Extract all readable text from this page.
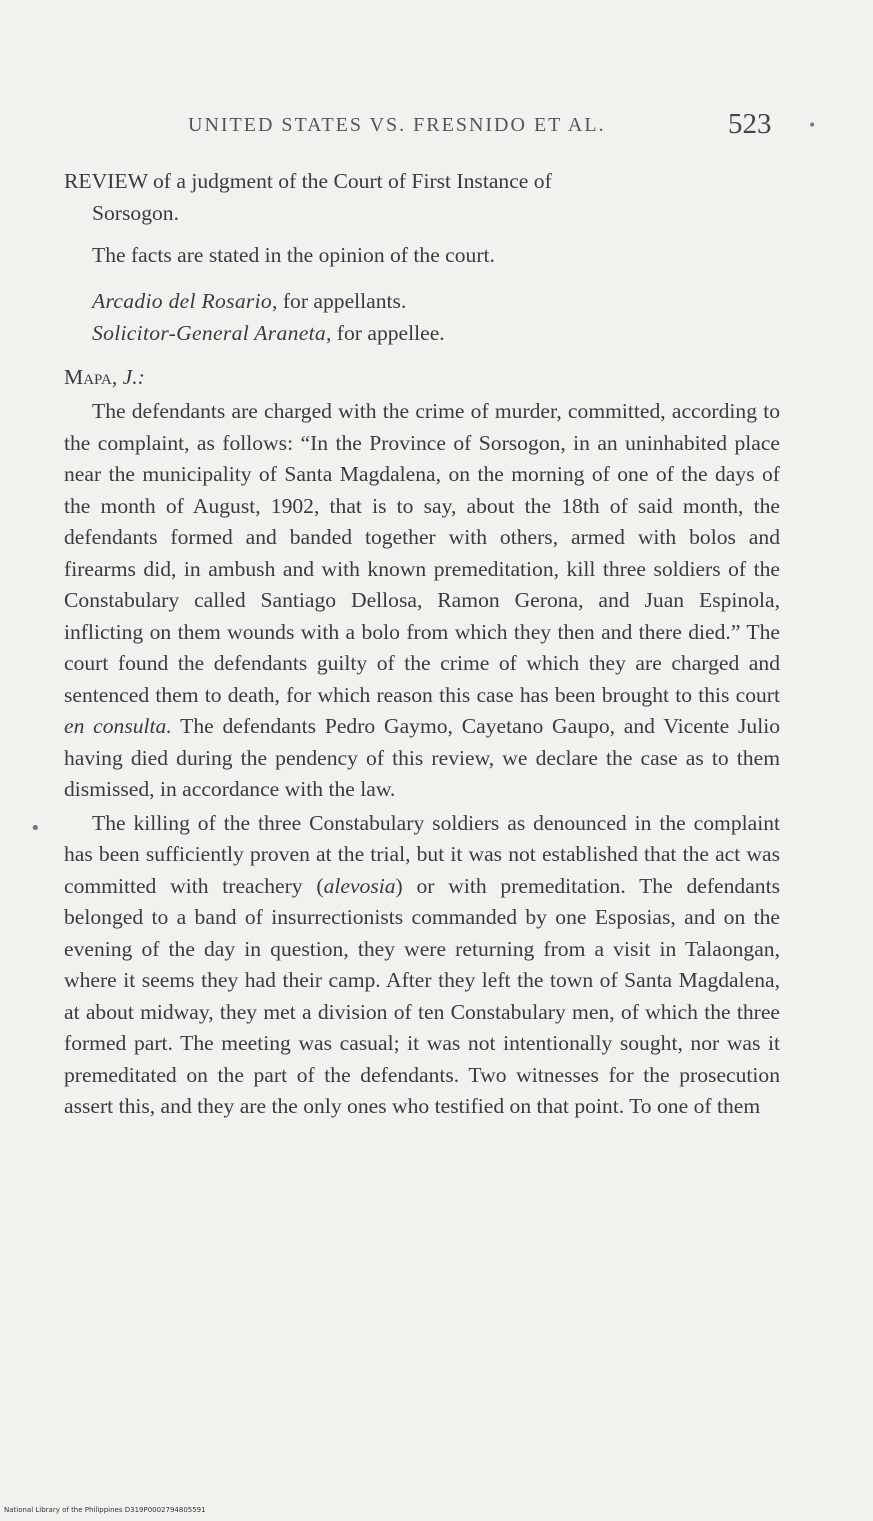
UNITED STATES VS. FRESNIDO ET AL.	523	•
•

REVIEW of a judgment of the Court of First Instance of

Sorsogon.

The facts are stated in the opinion of the court.

Arcadio del Rosario, for appellants.

Solicitor-General Araneta, for appellee.

Mapa, J.:

The defendants are charged with the crime of murder, committed, according to the complaint, as follows: “In the Province of Sorsogon, in an uninhabited place near the municipality of Santa Magdalena, on the morning of one of the days of the month of August, 1902, that is to say, about the 18th of said month, the defendants formed and banded together with others, armed with bolos and firearms did, in ambush and with known premeditation, kill three soldiers of the Constabulary called Santiago Dellosa, Ramon Gerona, and Juan Espinola, inflicting on them wounds with a bolo from which they then and there died.” The court found the defendants guilty of the crime of which they are charged and sentenced them to death, for which reason this case has been brought to this court en consulta. The defendants Pedro Gaymo, Cayetano Gaupo, and Vicente Julio having died during the pendency of this review, we declare the case as to them dismissed, in accordance with the law.

The killing of the three Constabulary soldiers as denounced in the complaint has been sufficiently proven at the trial, but it was not established that the act was committed with treachery (alevosia) or with premeditation. The defendants belonged to a band of insurrectionists commanded by one Esposias, and on the evening of the day in question, they were returning from a visit in Talaongan, where it seems they had their camp. After they left the town of Santa Magdalena, at about midway, they met a division of ten Constabulary men, of which the three formed part. The meeting was casual; it was not intentionally sought, nor was it premeditated on the part of the defendants. Two witnesses for the prosecution assert this, and they are the only ones who testified on that point. To one of them

National Library of the Philippines D319P0002794805591
